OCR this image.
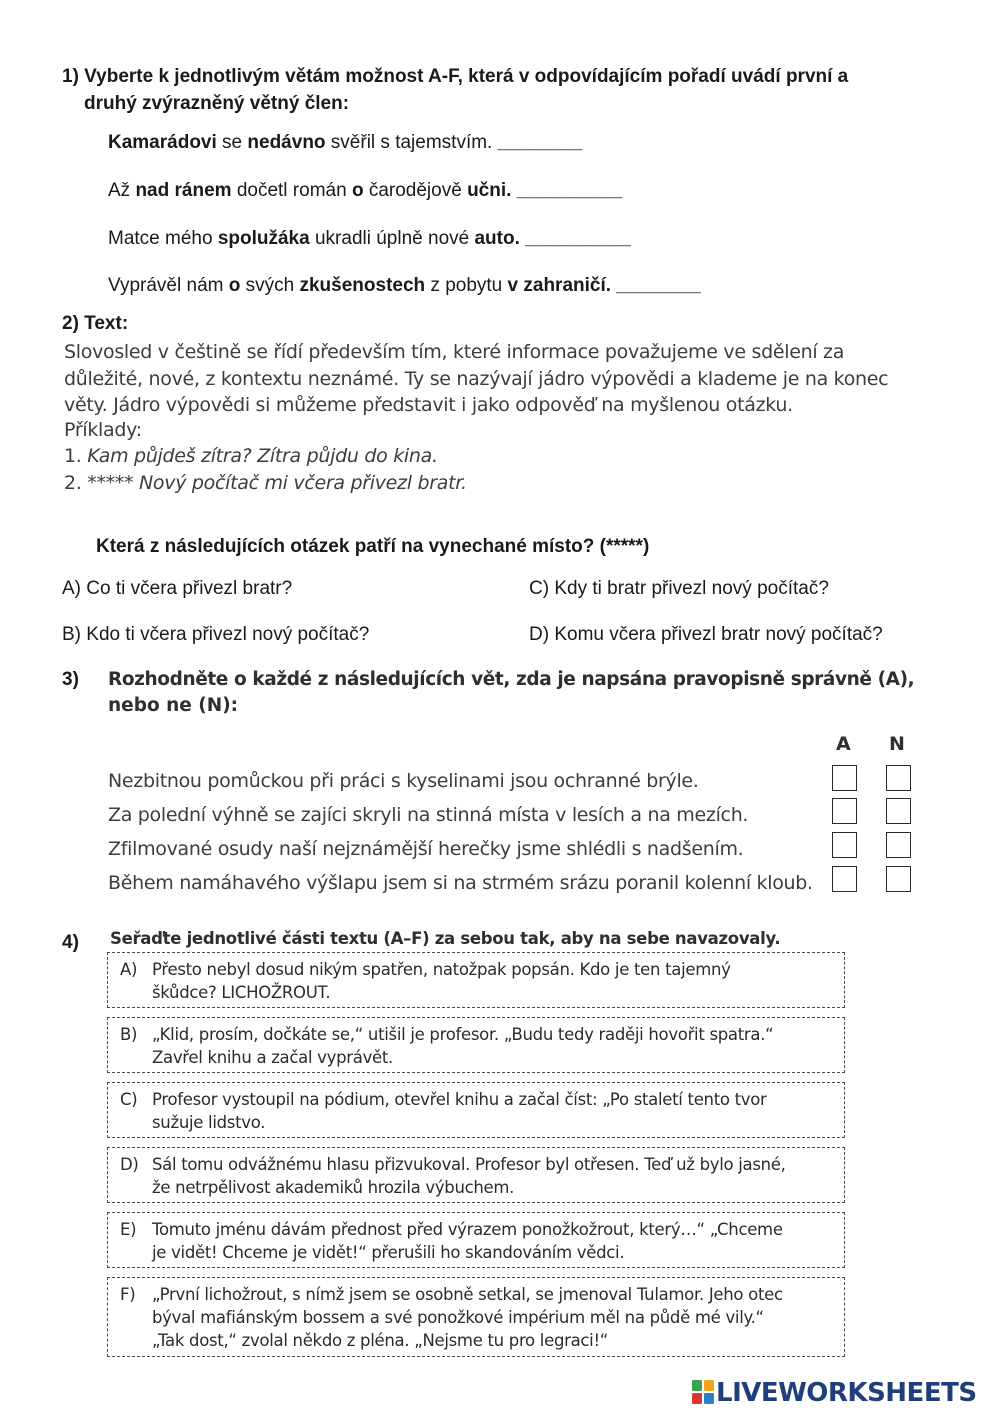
1) Vyberte k jednotlivým větám možnost A-F, která v odpovídajícím pořadí uvádí první a
druhý zvýrazněný větný člen:
Kamarádovi se nedávno svěřil s tajemstvím. ________
Až nad ránem dočetl román o čarodějově učni. __________
Matce mého spolužáka ukradli úplně nové auto. __________
Vyprávěl nám o svých zkušenostech z pobytu v zahraničí. ________
2) Text:
Slovosled v češtině se řídí především tím, které informace považujeme ve sdělení za
důležité, nové, z kontextu neznámé. Ty se nazývají jádro výpovědi a klademe je na konec
věty. Jádro výpovědi si můžeme představit i jako odpověď na myšlenou otázku.
Příklady:
1. Kam půjdeš zítra? Zítra půjdu do kina.
2. ***** Nový počítač mi včera přivezl bratr.
Která z následujících otázek patří na vynechané místo? (*****)
A) Co ti včera přivezl bratr?	C) Kdy ti bratr přivezl nový počítač?
B) Kdo ti včera přivezl nový počítač?	D) Komu včera přivezl bratr nový počítač?
3) Rozhodněte o každé z následujících vět, zda je napsána pravopisně správně (A),
nebo ne (N):
A N
Nezbitnou pomůckou při práci s kyselinami jsou ochranné brýle.
Za polední výhně se zajíci skryli na stinná místa v lesích a na mezích.
Zfilmované osudy naší nejznámější herečky jsme shlédli s nadšením.
Během namáhavého výšlapu jsem si na strmém srázu poranil kolenní kloub.
4) Seřaďte jednotlivé části textu (A–F) za sebou tak, aby na sebe navazovaly.
A) Přesto nebyl dosud nikým spatřen, natožpak popsán. Kdo je ten tajemný
škůdce? LICHOŽROUT.
B) „Klid, prosím, dočkáte se,“ utišil je profesor. „Budu tedy raději hovořit spatra.“
Zavřel knihu a začal vyprávět.
C) Profesor vystoupil na pódium, otevřel knihu a začal číst: „Po staletí tento tvor
sužuje lidstvo.
D) Sál tomu odvážnému hlasu přizvukoval. Profesor byl otřesen. Teď už bylo jasné,
že netrpělivost akademiků hrozila výbuchem.
E) Tomuto jménu dávám přednost před výrazem ponožkožrout, který…“ „Chceme
je vidět! Chceme je vidět!“ přerušili ho skandováním vědci.
F) „První lichožrout, s nímž jsem se osobně setkal, se jmenoval Tulamor. Jeho otec
býval mafiánským bossem a své ponožkové impérium měl na půdě mé vily.“
„Tak dost,“ zvolal někdo z pléna. „Nejsme tu pro legraci!“
LIVEWORKSHEETS
